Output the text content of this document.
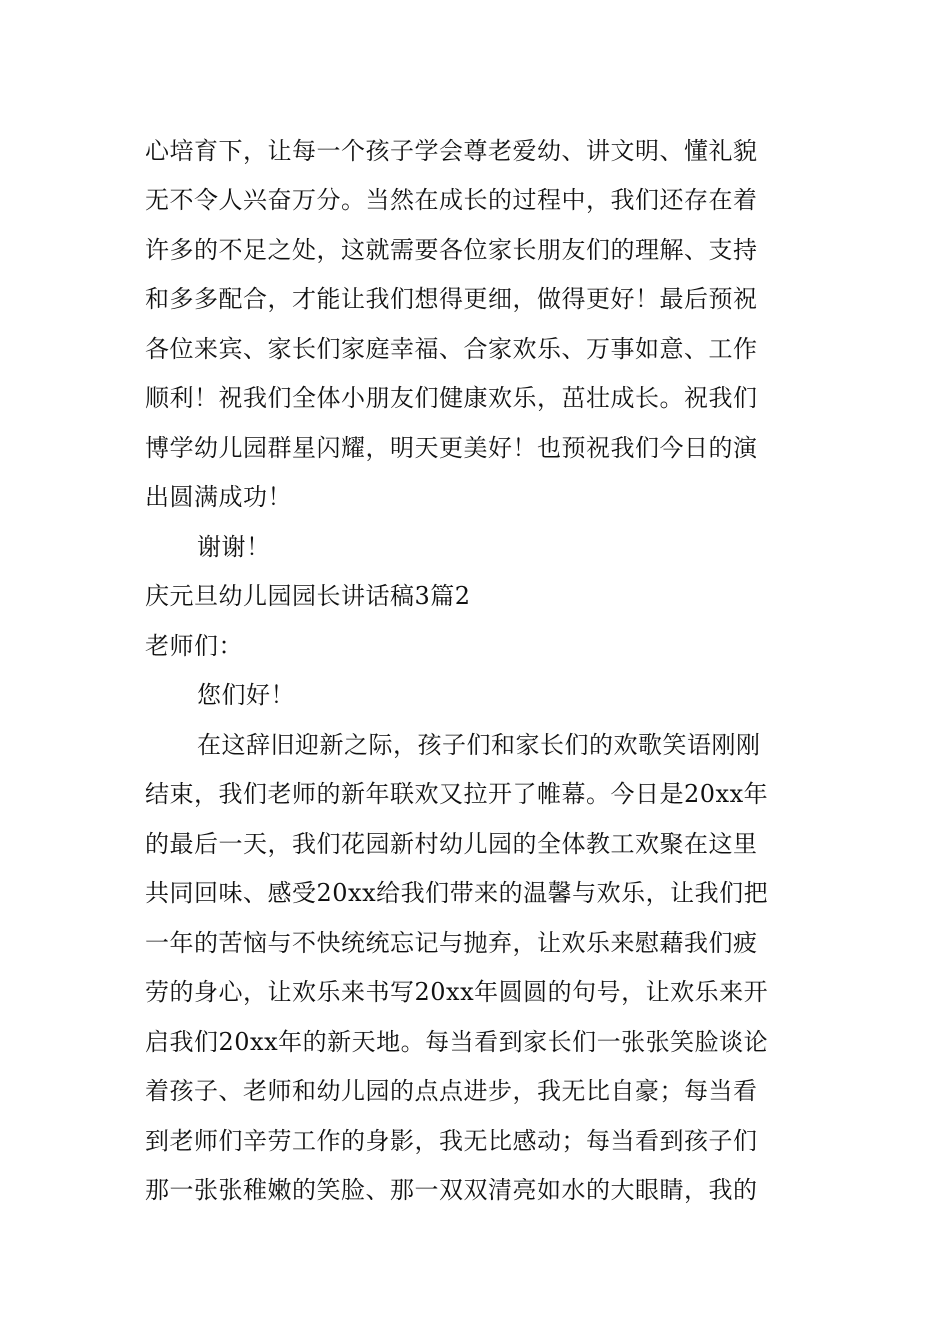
心培育下，让每一个孩子学会尊老爱幼、讲文明、懂礼貌
无不令人兴奋万分。当然在成长的过程中，我们还存在着
许多的不足之处，这就需要各位家长朋友们的理解、支持
和多多配合，才能让我们想得更细，做得更好！最后预祝
各位来宾、家长们家庭幸福、合家欢乐、万事如意、工作
顺利！祝我们全体小朋友们健康欢乐，茁壮成长。祝我们
博学幼儿园群星闪耀，明天更美好！也预祝我们今日的演
出圆满成功！
谢谢！
庆元旦幼儿园园长讲话稿3篇2
老师们：
您们好！
在这辞旧迎新之际，孩子们和家长们的欢歌笑语刚刚
结束，我们老师的新年联欢又拉开了帷幕。今日是20xx年
的最后一天，我们花园新村幼儿园的全体教工欢聚在这里
共同回味、感受20xx给我们带来的温馨与欢乐，让我们把
一年的苦恼与不快统统忘记与抛弃，让欢乐来慰藉我们疲
劳的身心，让欢乐来书写20xx年圆圆的句号，让欢乐来开
启我们20xx年的新天地。每当看到家长们一张张笑脸谈论
着孩子、老师和幼儿园的点点进步，我无比自豪；每当看
到老师们辛劳工作的身影，我无比感动；每当看到孩子们
那一张张稚嫩的笑脸、那一双双清亮如水的大眼睛，我的
